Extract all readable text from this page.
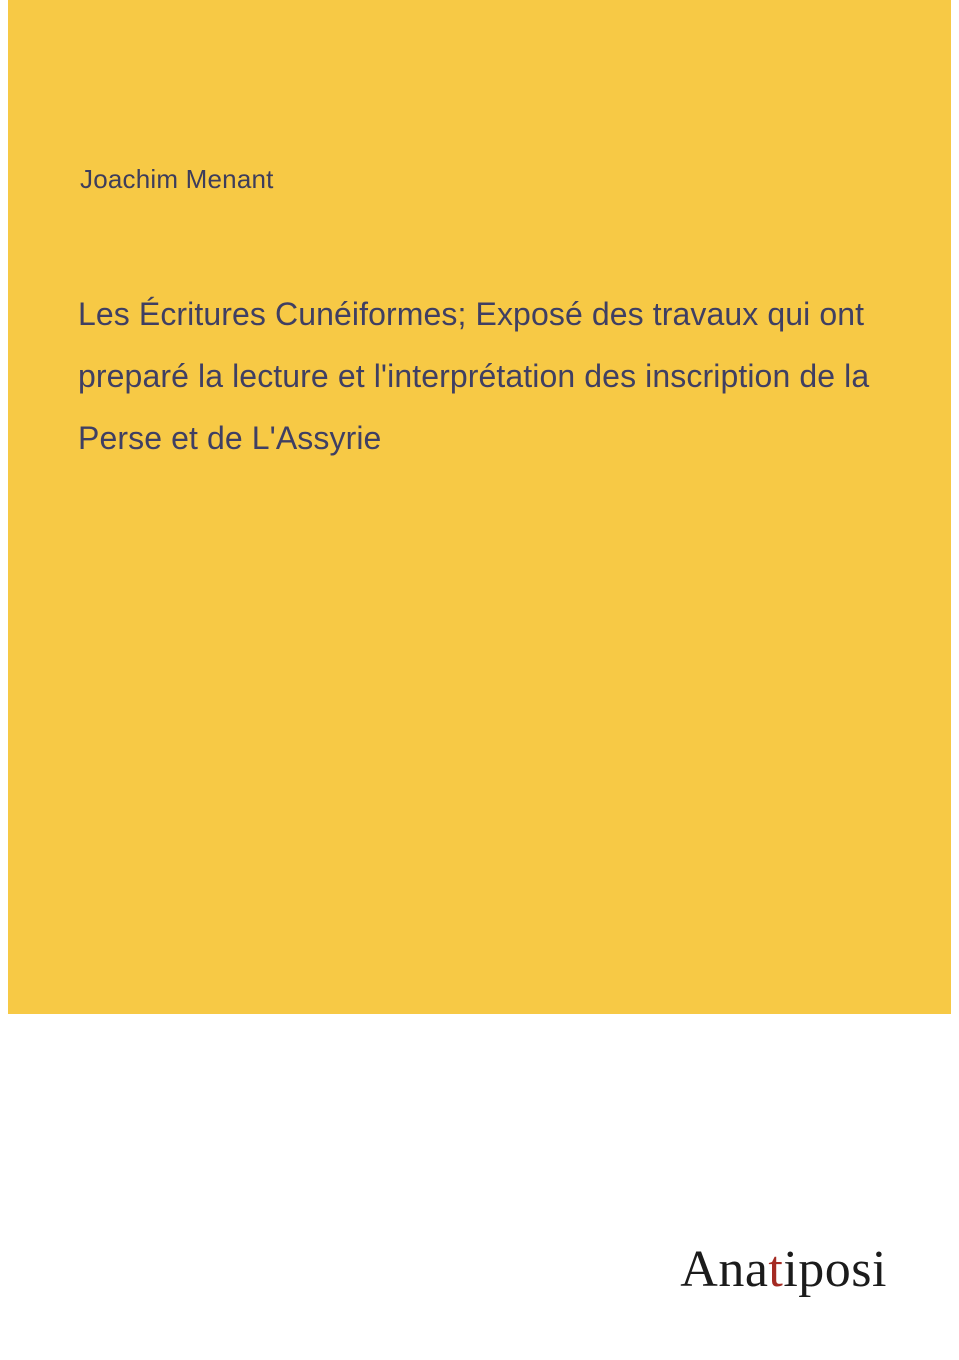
Joachim Menant
Les Écritures Cunéiformes; Exposé des travaux qui ont preparé la lecture et l'interprétation des inscription de la Perse et de L'Assyrie
Anatiposi
